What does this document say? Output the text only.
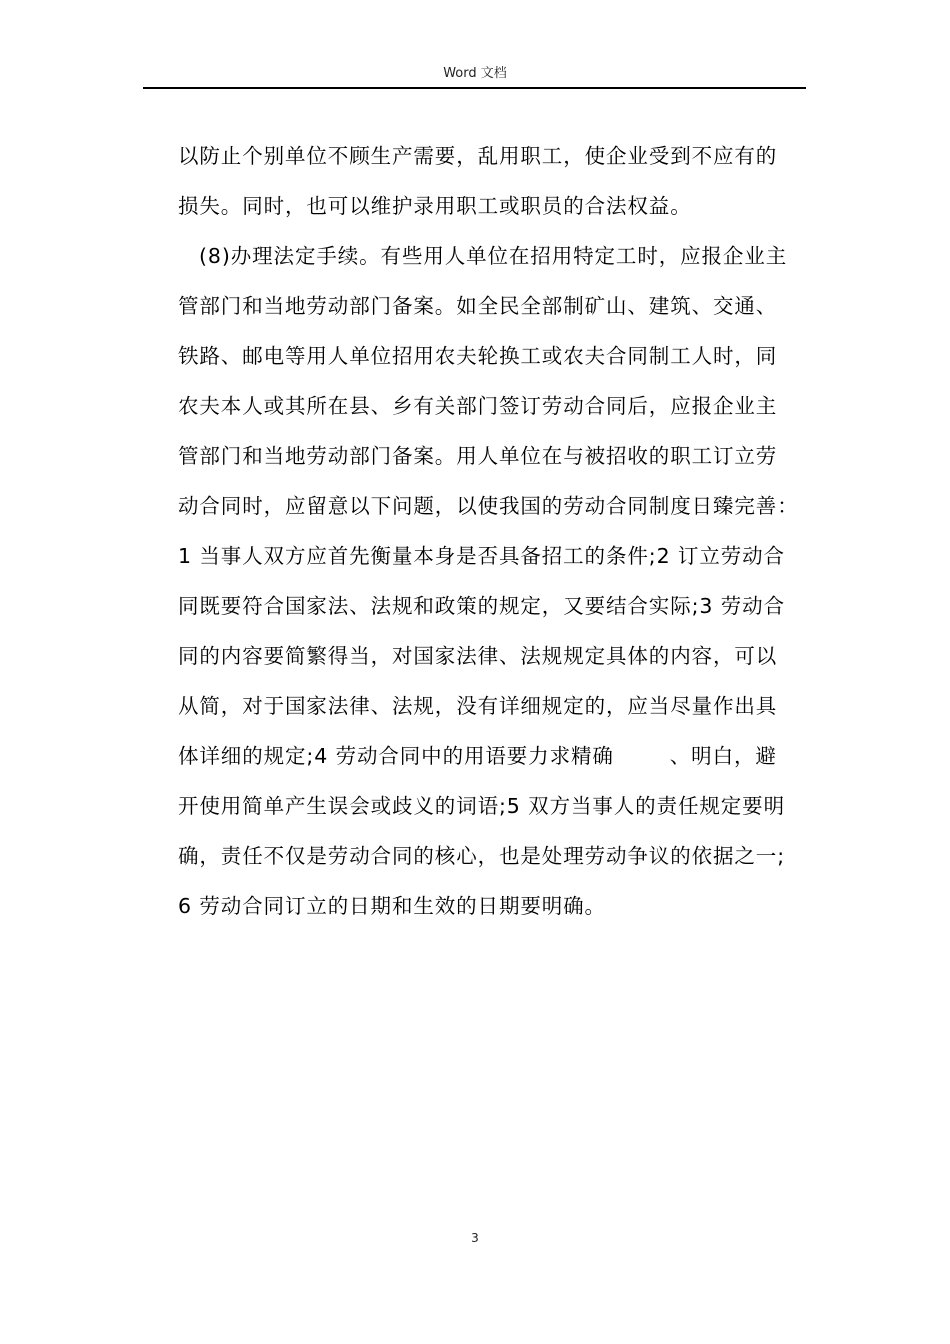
Word 文档
以防止个别单位不顾生产需要，乱用职工，使企业受到不应有的
损失。同时，也可以维护录用职工或职员的合法权益。
(8)办理法定手续。有些用人单位在招用特定工时，应报企业主
管部门和当地劳动部门备案。如全民全部制矿山、建筑、交通、
铁路、邮电等用人单位招用农夫轮换工或农夫合同制工人时，同
农夫本人或其所在县、乡有关部门签订劳动合同后，应报企业主
管部门和当地劳动部门备案。用人单位在与被招收的职工订立劳
动合同时，应留意以下问题，以使我国的劳动合同制度日臻完善：
1 当事人双方应首先衡量本身是否具备招工的条件;2 订立劳动合
同既要符合国家法、法规和政策的规定，又要结合实际;3 劳动合
同的内容要简繁得当，对国家法律、法规规定具体的内容，可以
从简，对于国家法律、法规，没有详细规定的，应当尽量作出具
体详细的规定;4 劳动合同中的用语要力求精确	、明白，避
开使用简单产生误会或歧义的词语;5 双方当事人的责任规定要明
确，责任不仅是劳动合同的核心，也是处理劳动争议的依据之一;
6 劳动合同订立的日期和生效的日期要明确。
3
